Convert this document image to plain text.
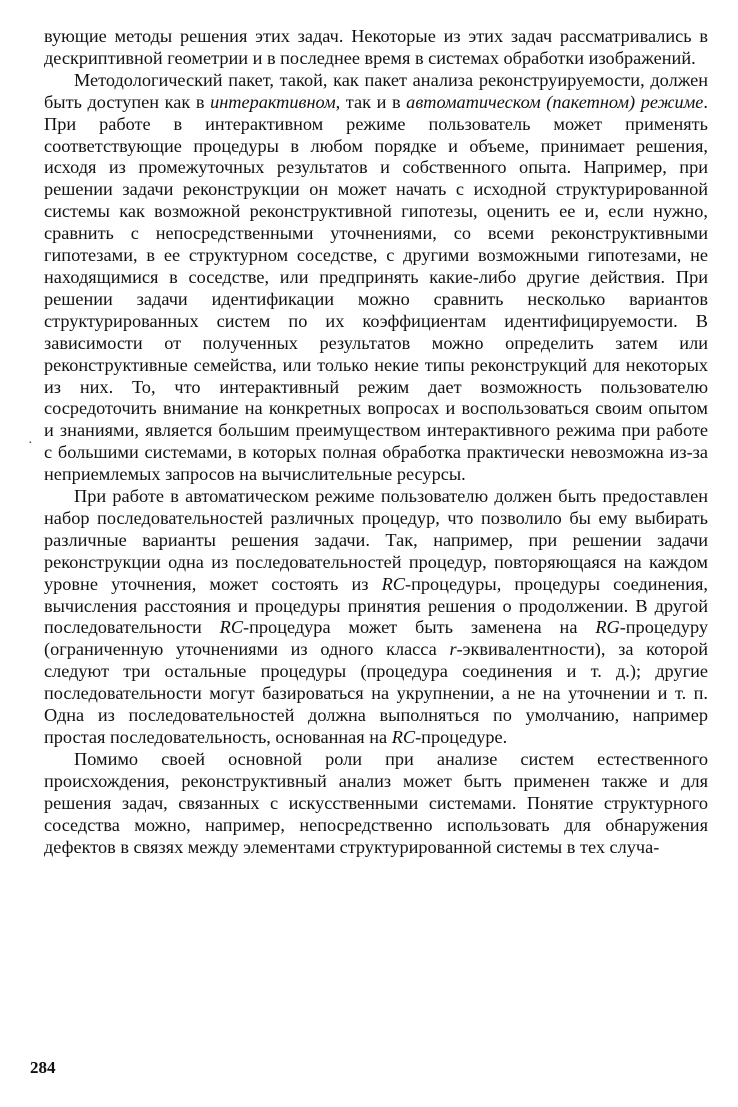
вующие методы решения этих задач. Некоторые из этих задач рассматривались в дескриптивной геометрии и в последнее время в системах обработки изображений.

Методологический пакет, такой, как пакет анализа реконструируемости, должен быть доступен как в интерактивном, так и в автоматическом (пакетном) режиме. При работе в интерактивном режиме пользователь может применять соответствующие процедуры в любом порядке и объеме, принимает решения, исходя из промежуточных результатов и собственного опыта. Например, при решении задачи реконструкции он может начать с исходной структурированной системы как возможной реконструктивной гипотезы, оценить ее и, если нужно, сравнить с непосредственными уточнениями, со всеми реконструктивными гипотезами, в ее структурном соседстве, с другими возможными гипотезами, не находящимися в соседстве, или предпринять какие-либо другие действия. При решении задачи идентификации можно сравнить несколько вариантов структурированных систем по их коэффициентам идентифицируемости. В зависимости от полученных результатов можно определить затем или реконструктивные семейства, или только некие типы реконструкций для некоторых из них. То, что интерактивный режим дает возможность пользователю сосредоточить внимание на конкретных вопросах и воспользоваться своим опытом и знаниями, является большим преимуществом интерактивного режима при работе с большими системами, в которых полная обработка практически невозможна из-за неприемлемых запросов на вычислительные ресурсы.

При работе в автоматическом режиме пользователю должен быть предоставлен набор последовательностей различных процедур, что позволило бы ему выбирать различные варианты решения задачи. Так, например, при решении задачи реконструкции одна из последовательностей процедур, повторяющаяся на каждом уровне уточнения, может состоять из RC-процедуры, процедуры соединения, вычисления расстояния и процедуры принятия решения о продолжении. В другой последовательности RC-процедура может быть заменена на RG-процедуру (ограниченную уточнениями из одного класса r-эквивалентности), за которой следуют три остальные процедуры (процедура соединения и т. д.); другие последовательности могут базироваться на укрупнении, а не на уточнении и т. п. Одна из последовательностей должна выполняться по умолчанию, например простая последовательность, основанная на RC-процедуре.

Помимо своей основной роли при анализе систем естественного происхождения, реконструктивный анализ может быть применен также и для решения задач, связанных с искусственными системами. Понятие структурного соседства можно, например, непосредственно использовать для обнаружения дефектов в связях между элементами структурированной системы в тех случа-

·
284
